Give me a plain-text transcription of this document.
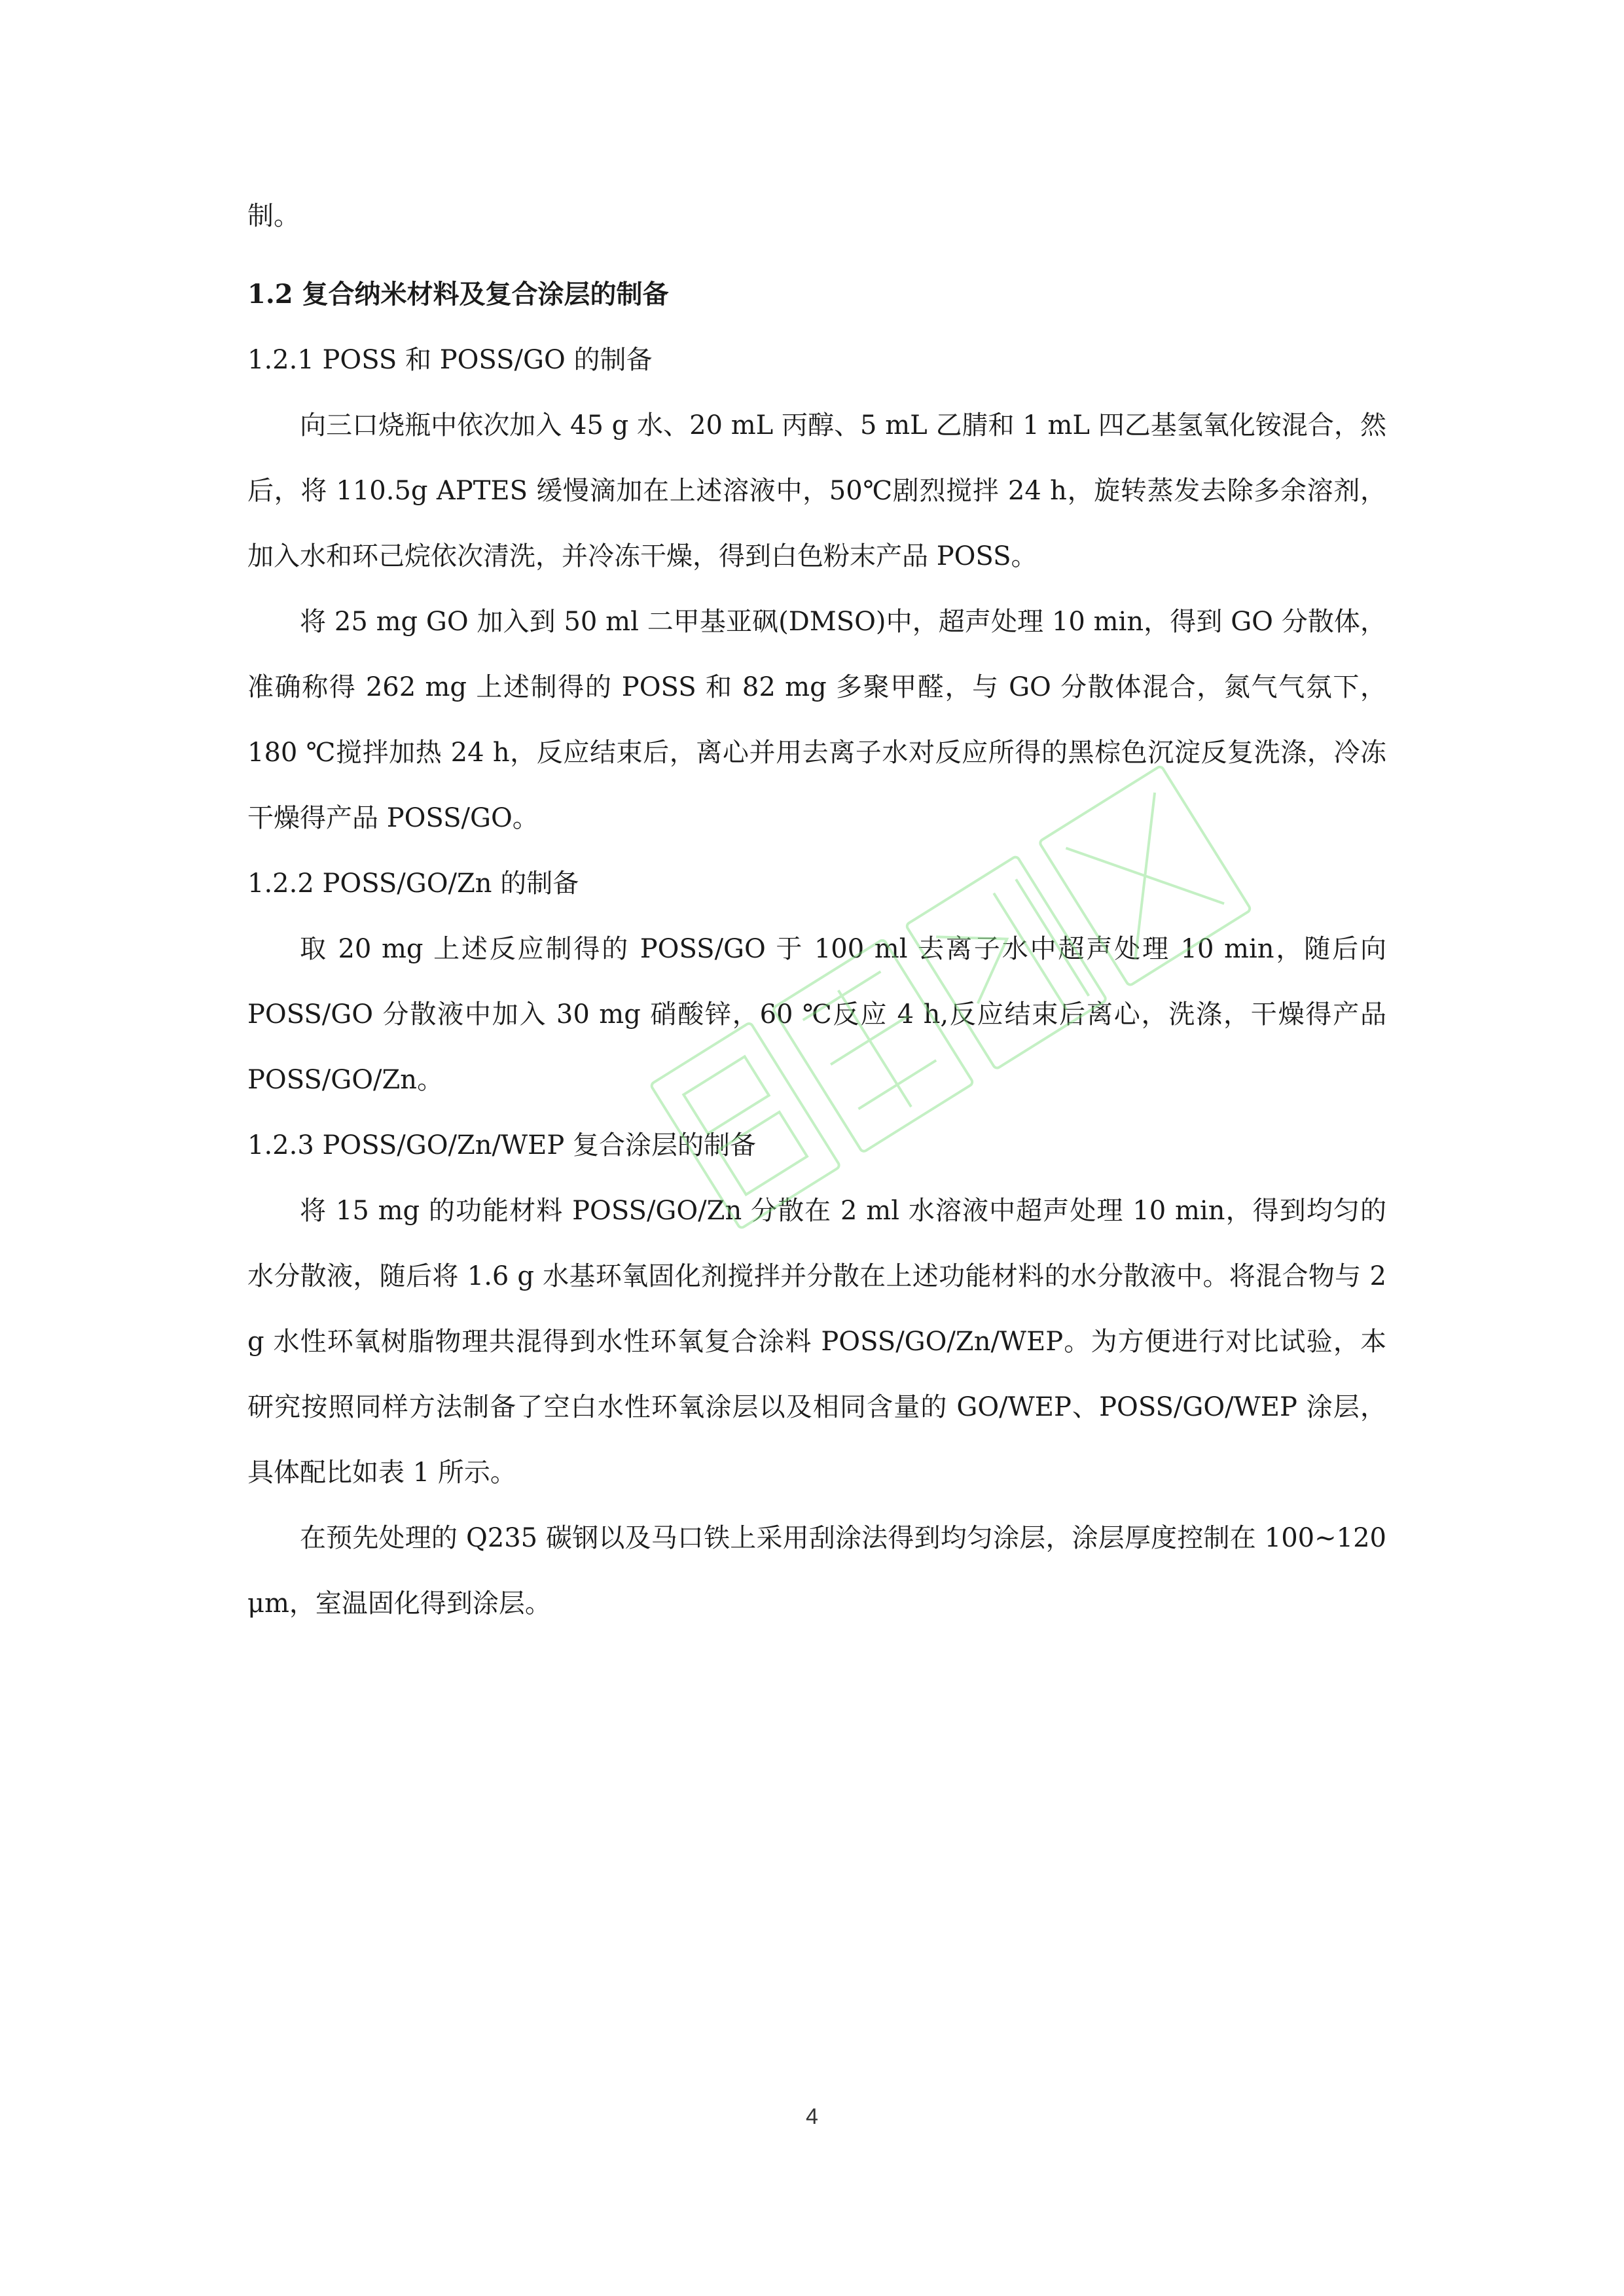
制。

1.2 复合纳米材料及复合涂层的制备

1.2.1 POSS 和 POSS/GO 的制备

向三口烧瓶中依次加入 45 g 水、20 mL 丙醇、5 mL 乙腈和 1 mL 四乙基氢氧化铵混合，然后，将 110.5g APTES 缓慢滴加在上述溶液中，50℃剧烈搅拌 24 h，旋转蒸发去除多余溶剂，加入水和环己烷依次清洗，并冷冻干燥，得到白色粉末产品 POSS。

将 25 mg GO 加入到 50 ml 二甲基亚砜(DMSO)中，超声处理 10 min，得到 GO 分散体，准确称得 262 mg 上述制得的 POSS 和 82 mg 多聚甲醛，与 GO 分散体混合，氮气气氛下，180 ℃搅拌加热 24 h，反应结束后，离心并用去离子水对反应所得的黑棕色沉淀反复洗涤，冷冻干燥得产品 POSS/GO。

1.2.2 POSS/GO/Zn 的制备

取 20 mg 上述反应制得的 POSS/GO 于 100 ml 去离子水中超声处理 10 min，随后向 POSS/GO 分散液中加入 30 mg 硝酸锌，60 ℃反应 4 h,反应结束后离心，洗涤，干燥得产品 POSS/GO/Zn。

1.2.3 POSS/GO/Zn/WEP 复合涂层的制备

将 15 mg 的功能材料 POSS/GO/Zn 分散在 2 ml 水溶液中超声处理 10 min，得到均匀的水分散液，随后将 1.6 g 水基环氧固化剂搅拌并分散在上述功能材料的水分散液中。将混合物与 2 g 水性环氧树脂物理共混得到水性环氧复合涂料 POSS/GO/Zn/WEP。为方便进行对比试验，本研究按照同样方法制备了空白水性环氧涂层以及相同含量的 GO/WEP、POSS/GO/WEP 涂层，具体配比如表 1 所示。

在预先处理的 Q235 碳钢以及马口铁上采用刮涂法得到均匀涂层，涂层厚度控制在 100~120 μm，室温固化得到涂层。

4
